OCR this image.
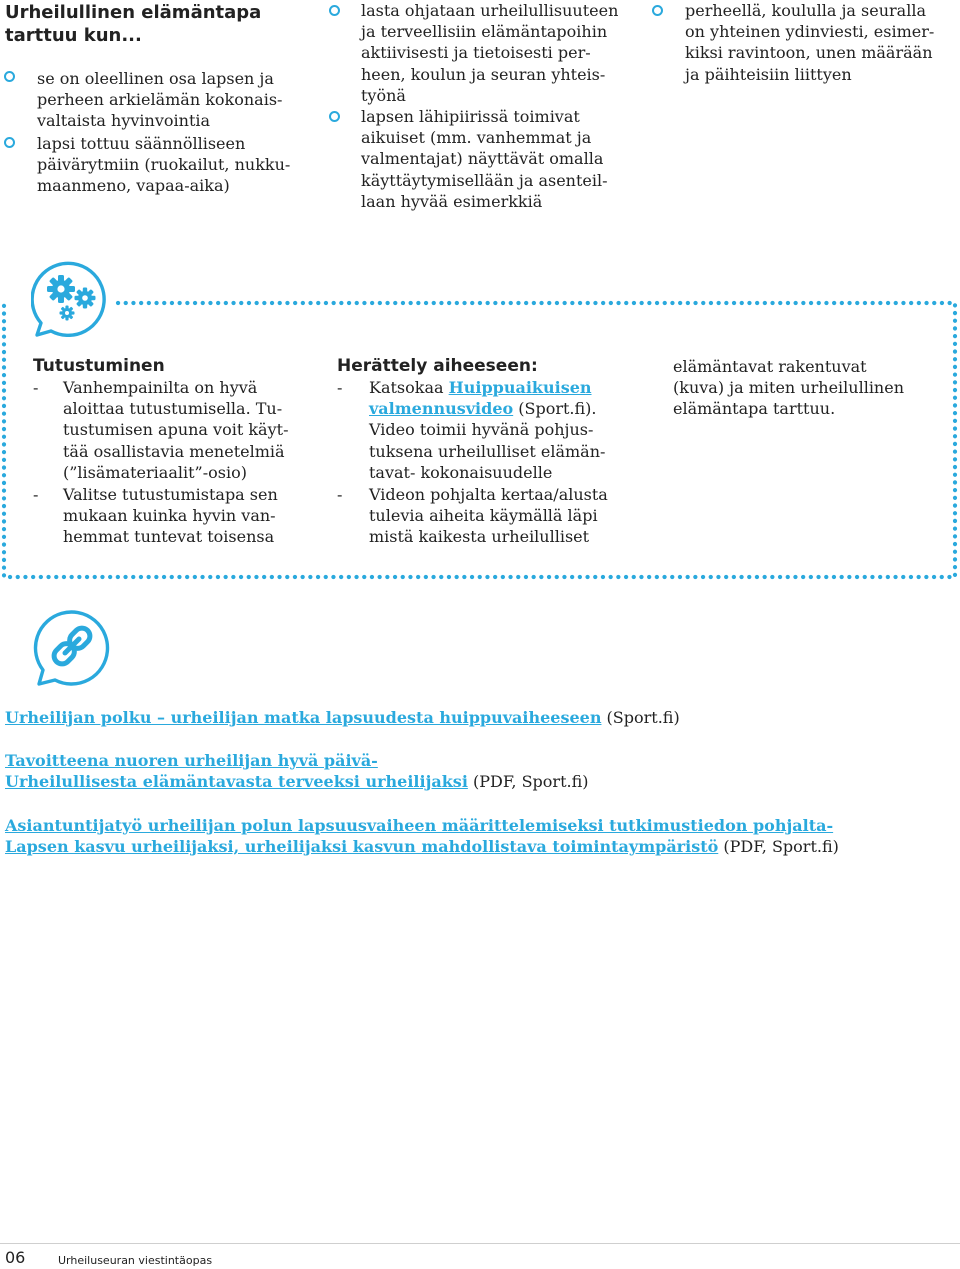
Urheilullinen elämäntapa
tarttuu kun...
se on oleellinen osa lapsen ja
perheen arkielämän kokonais-
valtaista hyvinvointia
lapsi tottuu säännölliseen
päivärytmiin (ruokailut, nukku-
maanmeno, vapaa-aika)
lasta ohjataan urheilullisuuteen
ja terveellisiin elämäntapoihin
aktiivisesti ja tietoisesti per-
heen, koulun ja seuran yhteis-
työnä
lapsen lähipiirissä toimivat
aikuiset (mm. vanhemmat ja
valmentajat) näyttävät omalla
käyttäytymisellään ja asenteil-
laan hyvää esimerkkiä
perheellä, koululla ja seuralla
on yhteinen ydinviesti, esimer-
kiksi ravintoon, unen määrään
ja päihteisiin liittyen
Tutustuminen
- Vanhempainilta on hyvä
aloittaa tutustumisella. Tu-
tustumisen apuna voit käyt-
tää osallistavia menetelmiä
(”lisämateriaalit”-osio)
- Valitse tutustumistapa sen
mukaan kuinka hyvin van-
hemmat tuntevat toisensa
Herättely aiheeseen:
- Katsokaa Huippuaikuisen
valmennusvideo (Sport.fi).
Video toimii hyvänä pohjus-
tuksena urheilulliset elämän-
tavat- kokonaisuudelle
- Videon pohjalta kertaa/alusta
tulevia aiheita käymällä läpi
mistä kaikesta urheilulliset
elämäntavat rakentuvat
(kuva) ja miten urheilullinen
elämäntapa tarttuu.
Urheilijan polku – urheilijan matka lapsuudesta huippuvaiheeseen (Sport.fi)
Tavoitteena nuoren urheilijan hyvä päivä-
Urheilullisesta elämäntavasta terveeksi urheilijaksi (PDF, Sport.fi)
Asiantuntijatyö urheilijan polun lapsuusvaiheen määrittelemiseksi tutkimustiedon pohjalta-
Lapsen kasvu urheilijaksi, urheilijaksi kasvun mahdollistava toimintaympäristö (PDF, Sport.fi)
06	Urheiluseuran viestintäopas
